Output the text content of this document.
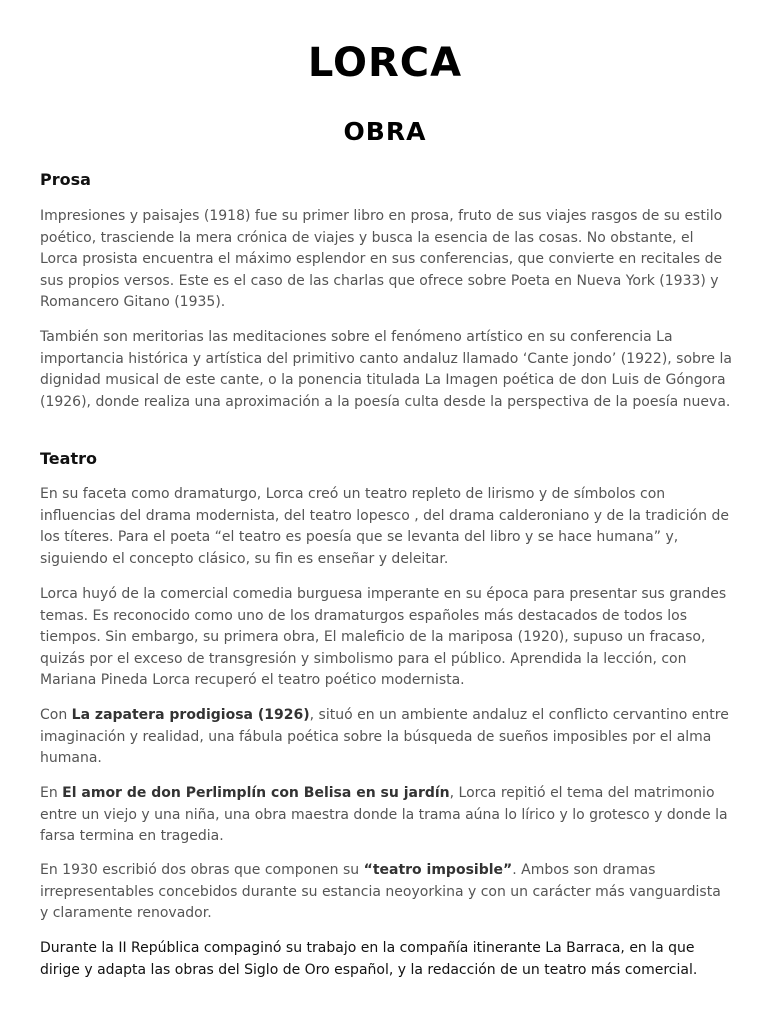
LORCA
OBRA
Prosa

Impresiones y paisajes (1918) fue su primer libro en prosa, fruto de sus viajes rasgos de su estilo poético, trasciende la mera crónica de viajes y busca la esencia de las cosas. No obstante, el Lorca prosista encuentra el máximo esplendor en sus conferencias, que convierte en recitales de sus propios versos. Este es el caso de las charlas que ofrece sobre Poeta en Nueva York (1933) y Romancero Gitano (1935).

También son meritorias las meditaciones sobre el fenómeno artístico en su conferencia La importancia histórica y artística del primitivo canto andaluz llamado ‘Cante jondo’ (1922), sobre la dignidad musical de este cante, o la ponencia titulada La Imagen poética de don Luis de Góngora (1926), donde realiza una aproximación a la poesía culta desde la perspectiva de la poesía nueva.

Teatro

En su faceta como dramaturgo, Lorca creó un teatro repleto de lirismo y de símbolos con influencias del drama modernista, del teatro lopesco , del drama calderoniano y de la tradición de los títeres. Para el poeta “el teatro es poesía que se levanta del libro y se hace humana” y, siguiendo el concepto clásico, su fin es enseñar y deleitar.

Lorca huyó de la comercial comedia burguesa imperante en su época para presentar sus grandes temas. Es reconocido como uno de los dramaturgos españoles más destacados de todos los tiempos. Sin embargo, su primera obra, El maleficio de la mariposa (1920), supuso un fracaso, quizás por el exceso de transgresión y simbolismo para el público. Aprendida la lección, con Mariana Pineda Lorca recuperó el teatro poético modernista.

Con La zapatera prodigiosa (1926), situó en un ambiente andaluz el conflicto cervantino entre imaginación y realidad, una fábula poética sobre la búsqueda de sueños imposibles por el alma humana.

En El amor de don Perlimplín con Belisa en su jardín, Lorca repitió el tema del matrimonio entre un viejo y una niña, una obra maestra donde la trama aúna lo lírico y lo grotesco y donde la farsa termina en tragedia.

En 1930 escribió dos obras que componen su “teatro imposible”. Ambos son dramas irrepresentables concebidos durante su estancia neoyorkina y con un carácter más vanguardista y claramente renovador.

Durante la II República compaginó su trabajo en la compañía itinerante La Barraca, en la que dirige y adapta las obras del Siglo de Oro español, y la redacción de un teatro más comercial.
